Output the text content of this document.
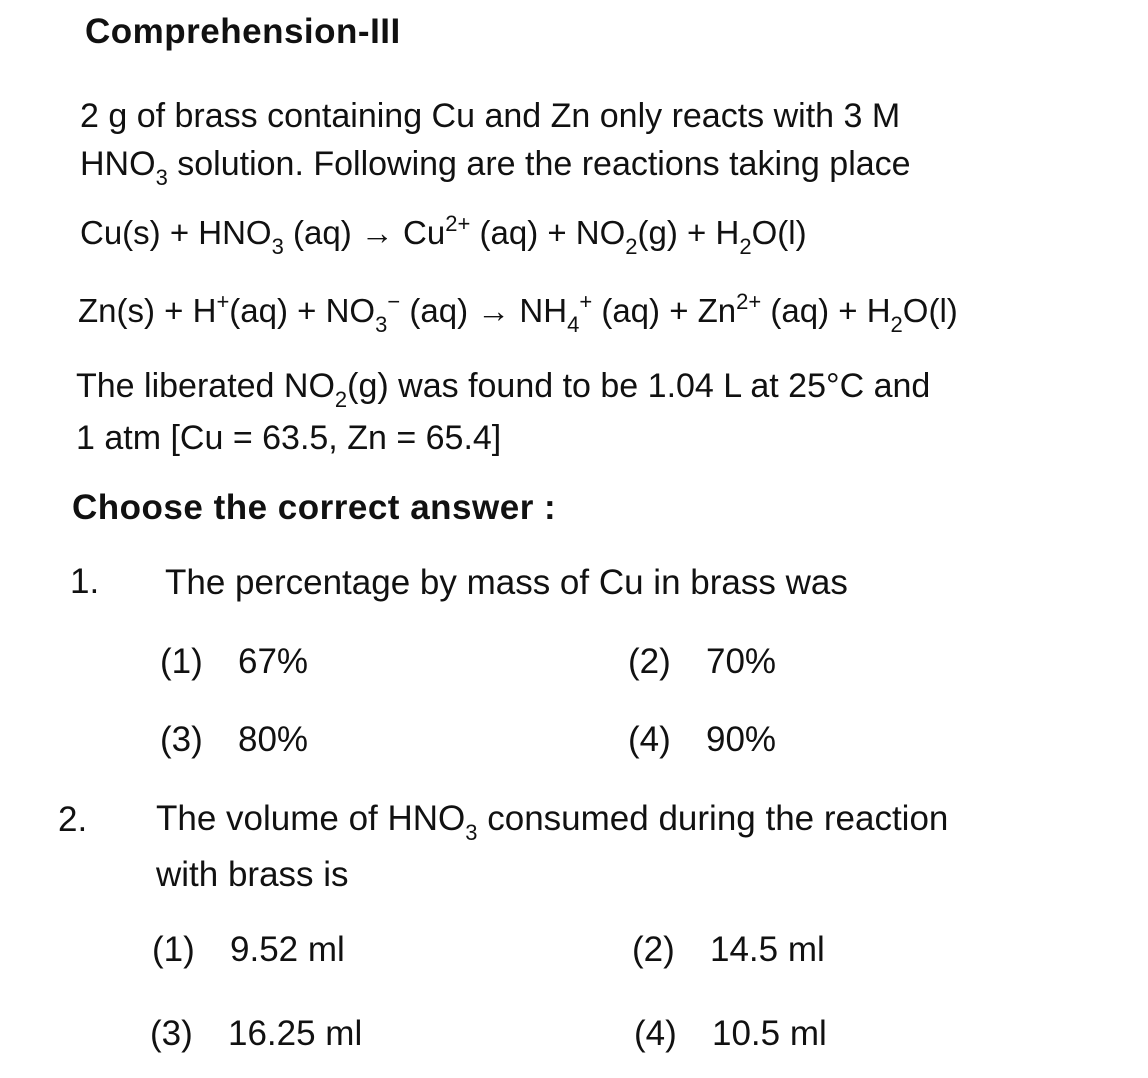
Comprehension-III
2 g of brass containing Cu and Zn only reacts with 3 M
$HNO_3$ solution. Following are the reactions taking place
$Cu(s) + HNO_3$ $(aq) \to Cu^{2+}$ $(aq) + NO_2(g) + H_2O(l)$
$Zn(s) + H^+(aq) + NO_3^-$ $(aq) \to NH_4^+$ $(aq) + Zn^{2+}$ $(aq) + H_2O(l)$
The liberated $NO_2(g)$ was found to be 1.04 L at 25°C and
1 atm [Cu = 63.5, Zn = 65.4]
Choose the correct answer :
1. The percentage by mass of Cu in brass was
(1) 67%	(2) 70%
(3) 80%	(4) 90%
2. The volume of $HNO_3$ consumed during the reaction
with brass is
(1) 9.52 ml	(2) 14.5 ml
(3) 16.25 ml	(4) 10.5 ml
